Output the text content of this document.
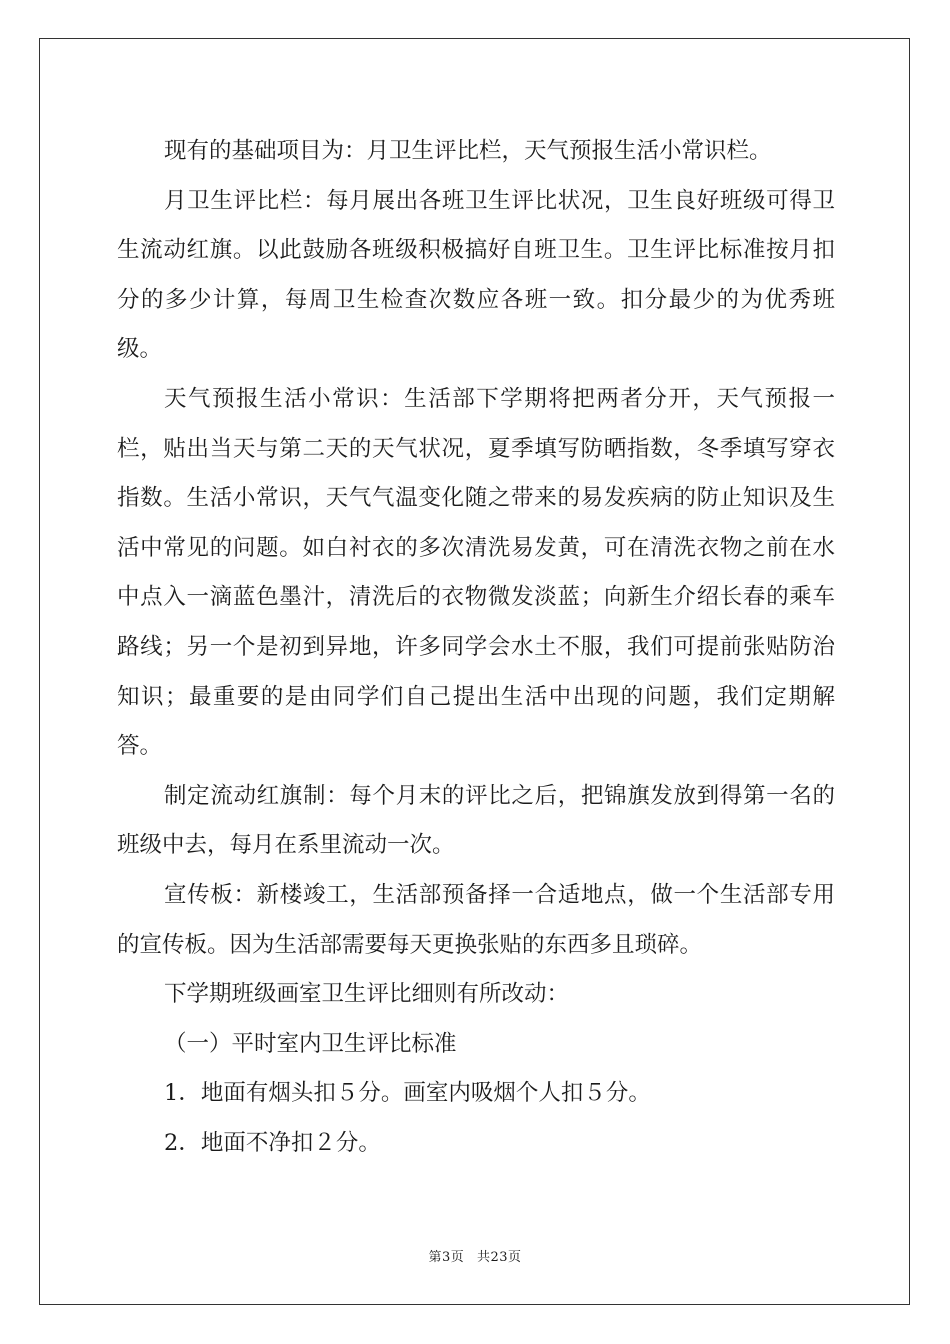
现有的基础项目为：月卫生评比栏，天气预报生活小常识栏。

月卫生评比栏：每月展出各班卫生评比状况，卫生良好班级可得卫生流动红旗。以此鼓励各班级积极搞好自班卫生。卫生评比标准按月扣分的多少计算，每周卫生检查次数应各班一致。扣分最少的为优秀班级。

天气预报生活小常识：生活部下学期将把两者分开，天气预报一栏，贴出当天与第二天的天气状况，夏季填写防晒指数，冬季填写穿衣指数。生活小常识，天气气温变化随之带来的易发疾病的防止知识及生活中常见的问题。如白衬衣的多次清洗易发黄，可在清洗衣物之前在水中点入一滴蓝色墨汁，清洗后的衣物微发淡蓝；向新生介绍长春的乘车路线；另一个是初到异地，许多同学会水土不服，我们可提前张贴防治知识；最重要的是由同学们自己提出生活中出现的问题，我们定期解答。

制定流动红旗制：每个月末的评比之后，把锦旗发放到得第一名的班级中去，每月在系里流动一次。

宣传板：新楼竣工，生活部预备择一合适地点，做一个生活部专用的宣传板。因为生活部需要每天更换张贴的东西多且琐碎。

下学期班级画室卫生评比细则有所改动：

（一）平时室内卫生评比标准

1．地面有烟头扣５分。画室内吸烟个人扣５分。

2．地面不净扣２分。

第3页 共23页
